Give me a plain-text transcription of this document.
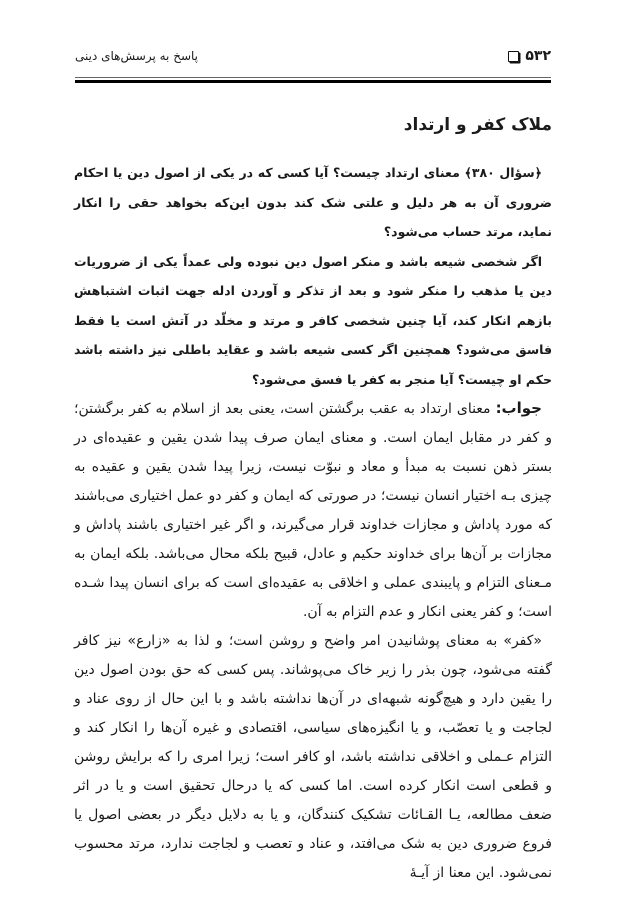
۵۳۲
پاسخ به پرسش‌های دینی
ملاک کفر و ارتداد

﴿سؤال ۳۸۰﴾ معنای ارتداد چیست؟ آیا کسی که در یکی از اصول دین یا احکام ضروری آن به هر دلیل و علتی شک کند بدون این‌که بخواهد حقی را انکار نماید، مرتد حساب می‌شود؟

اگر شخصی شیعه باشد و منکر اصول دین نبوده ولی عمداً یکی از ضروریات دین یا مذهب را منکر شود و بعد از تذکر و آوردن ادله جهت اثبات اشتباهش بازهم انکار کند، آیا چنین شخصی کافر و مرتد و مخلّد در آتش است یا فقط فاسق می‌شود؟ همچنین اگر کسی شیعه باشد و عقاید باطلی نیز داشته باشد حکم او چیست؟ آیا منجر به کفر یا فسق می‌شود؟

جواب: معنای ارتداد به عقب برگشتن است، یعنی بعد از اسلام به کفر برگشتن؛ و کفر در مقابل ایمان است. و معنای ایمان صرف پیدا شدن یقین و عقیده‌ای در بستر ذهن نسبت به مبدأ و معاد و نبوّت نیست، زیرا پیدا شدن یقین و عقیده به چیزی بـه اختیار انسان نیست؛ در صورتی که ایمان و کفر دو عمل اختیاری می‌باشند که مورد پاداش و مجازات خداوند قرار می‌گیرند، و اگر غیر اختیاری باشند پاداش و مجازات بر آن‌ها برای خداوند حکیم و عادل، قبیح بلکه محال می‌باشد. بلکه ایمان به مـعنای التزام و پایبندی عملی و اخلاقی به عقیده‌ای است که برای انسان پیدا شـده است؛ و کفر یعنی انکار و عدم التزام به آن.

«کفر» به معنای پوشانیدن امر واضح و روشن است؛ و لذا به «زارع» نیز کافر گفته می‌شود، چون بذر را زیر خاک می‌پوشاند. پس کسی که حق بودن اصول دین را یقین دارد و هیچ‌گونه شبهه‌ای در آن‌ها نداشته باشد و با این حال از روی عناد و لجاجت و یا تعصّب، و یا انگیزه‌های سیاسی، اقتصادی و غیره آن‌ها را انکار کند و التزام عـملی و اخلاقی نداشته باشد، او کافر است؛ زیرا امری را که برایش روشن و قطعی است انکار کرده است. اما کسی که یا درحال تحقیق است و یا در اثر ضعف مطالعه، یـا القـائات تشکیک کنندگان، و یا به دلایل دیگر در بعضی اصول یا فروع ضروری دین به شک می‌افتد، و عناد و تعصب و لجاجت ندارد، مرتد محسوب نمی‌شود. این معنا از آیـهٔ
